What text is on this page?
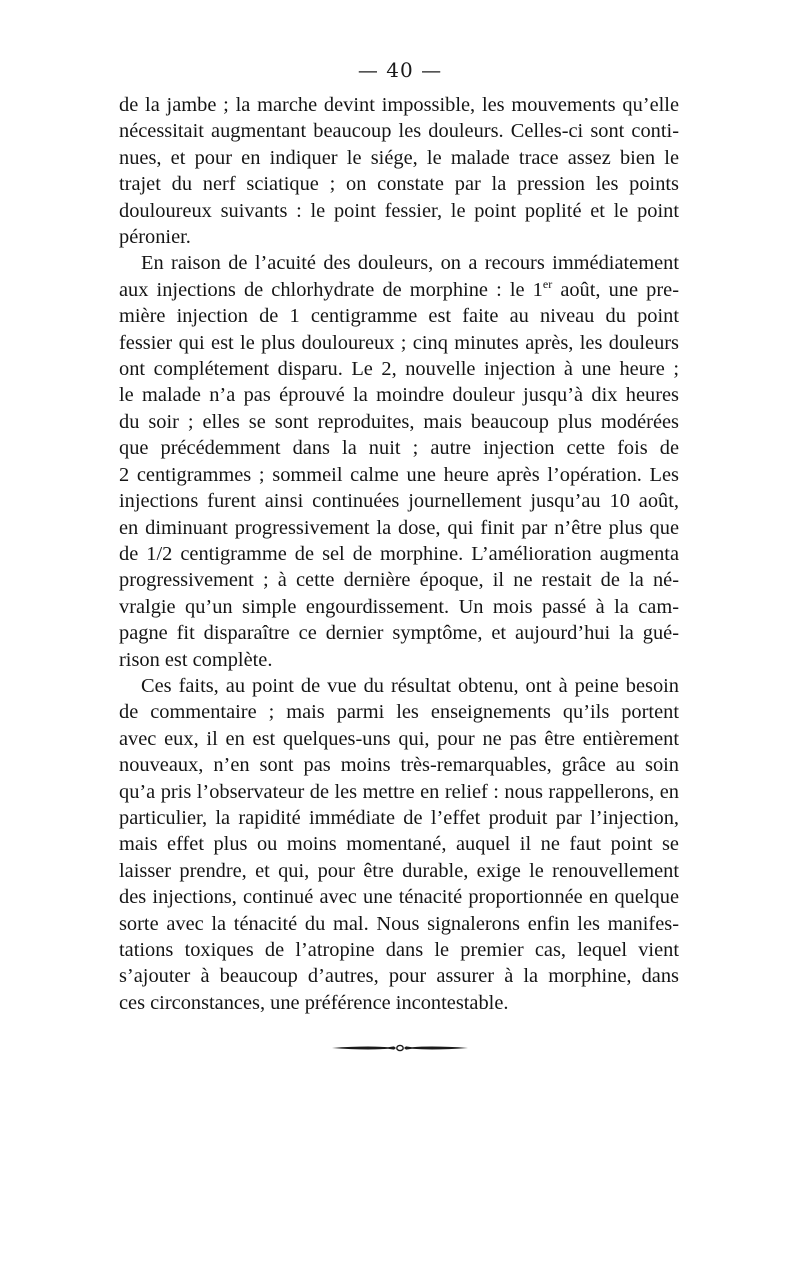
— 40 —

de la jambe ; la marche devint impossible, les mouvements qu’elle
nécessitait augmentant beaucoup les douleurs. Celles-ci sont conti-
nues, et pour en indiquer le siége, le malade trace assez bien le
trajet du nerf sciatique ; on constate par la pression les points
douloureux suivants : le point fessier, le point poplité et le point
péronier.

En raison de l’acuité des douleurs, on a recours immédiatement
aux injections de chlorhydrate de morphine : le 1er août, une pre-
mière injection de 1 centigramme est faite au niveau du point
fessier qui est le plus douloureux ; cinq minutes après, les douleurs
ont complétement disparu. Le 2, nouvelle injection à une heure ;
le malade n’a pas éprouvé la moindre douleur jusqu’à dix heures
du soir ; elles se sont reproduites, mais beaucoup plus modérées
que précédemment dans la nuit ; autre injection cette fois de
2 centigrammes ; sommeil calme une heure après l’opération. Les
injections furent ainsi continuées journellement jusqu’au 10 août,
en diminuant progressivement la dose, qui finit par n’être plus que
de 1/2 centigramme de sel de morphine. L’amélioration augmenta
progressivement ; à cette dernière époque, il ne restait de la né-
vralgie qu’un simple engourdissement. Un mois passé à la cam-
pagne fit disparaître ce dernier symptôme, et aujourd’hui la gué-
rison est complète.

Ces faits, au point de vue du résultat obtenu, ont à peine besoin
de commentaire ; mais parmi les enseignements qu’ils portent
avec eux, il en est quelques-uns qui, pour ne pas être entièrement
nouveaux, n’en sont pas moins très-remarquables, grâce au soin
qu’a pris l’observateur de les mettre en relief : nous rappellerons, en
particulier, la rapidité immédiate de l’effet produit par l’injection,
mais effet plus ou moins momentané, auquel il ne faut point se
laisser prendre, et qui, pour être durable, exige le renouvellement
des injections, continué avec une ténacité proportionnée en quelque
sorte avec la ténacité du mal. Nous signalerons enfin les manifes-
tations toxiques de l’atropine dans le premier cas, lequel vient
s’ajouter à beaucoup d’autres, pour assurer à la morphine, dans
ces circonstances, une préférence incontestable.
